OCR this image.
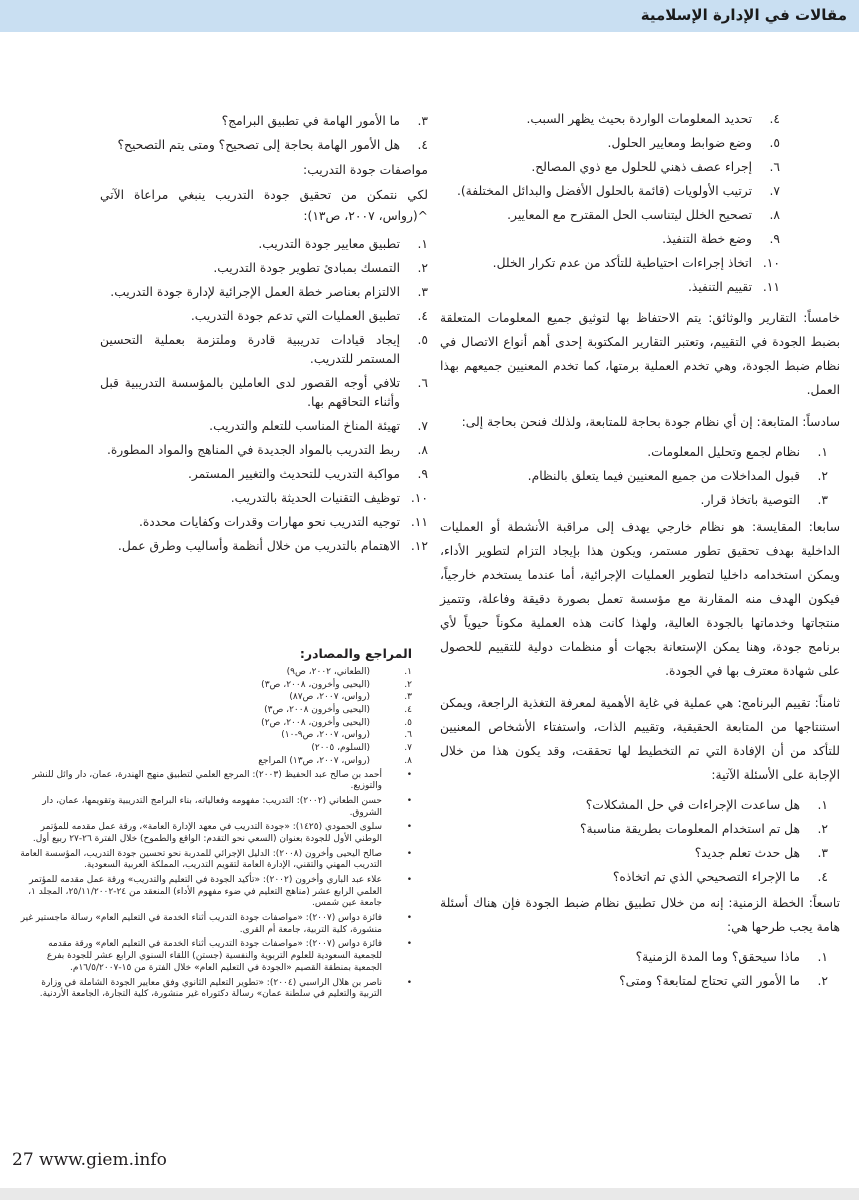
مقالات في الإدارة الإسلامية
٤.
تحديد المعلومات الواردة بحيث يظهر السبب.
٥.
وضع ضوابط ومعايير الحلول.
٦.
إجراء عصف ذهني للحلول مع ذوي المصالح.
٧.
ترتيب الأولويات (قائمة بالحلول الأفضل والبدائل المختلفة).
٨.
تصحيح الخلل ليتناسب الحل المقترح مع المعايير.
٩.
وضع خطة التنفيذ.
١٠.
اتخاذ إجراءات احتياطية للتأكد من عدم تكرار الخلل.
١١.
تقييم التنفيذ.

خامساً: التقارير والوثائق: يتم الاحتفاظ بها لتوثيق جميع المعلومات المتعلقة بضبط الجودة في التقييم، وتعتبر التقارير المكتوبة إحدى أهم أنواع الاتصال في نظام ضبط الجودة، وهي تخدم العملية برمتها، كما تخدم المعنيين جميعهم بهذا العمل.

سادساً: المتابعة: إن أي نظام جودة بحاجة للمتابعة، ولذلك فنحن بحاجة إلى:

١.
نظام لجمع وتحليل المعلومات.
٢.
قبول المداخلات من جميع المعنيين فيما يتعلق بالنظام.
٣.
التوصية باتخاذ قرار.

سابعا: المقايسة: هو نظام خارجي يهدف إلى مراقبة الأنشطة أو العمليات الداخلية بهدف تحقيق تطور مستمر، ويكون هذا بإيجاد التزام لتطوير الأداء، ويمكن استخدامه داخليا لتطوير العمليات الإجرائية، أما عندما يستخدم خارجياً، فيكون الهدف منه المقارنة مع مؤسسة تعمل بصورة دقيقة وفاعلة، وتتميز منتجاتها وخدماتها بالجودة العالية، ولهذا كانت هذه العملية مكوناً حيوياً لأي برنامج جودة، وهنا يمكن الإستعانة بجهات أو منظمات دولية للتقييم للحصول على شهادة معترف بها في الجودة.

ثامناً: تقييم البرنامج: هي عملية في غاية الأهمية لمعرفة التغذية الراجعة، ويمكن استنتاجها من المتابعة الحقيقية، وتقييم الذات، واستفتاء الأشخاص المعنيين للتأكد من أن الإفادة التي تم التخطيط لها تحققت، وقد يكون هذا من خلال الإجابة على الأسئلة الآتية:

١.
هل ساعدت الإجراءات في حل المشكلات؟
٢.
هل تم استخدام المعلومات بطريقة مناسبة؟
٣.
هل حدث تعلم جديد؟
٤.
ما الإجراء التصحيحي الذي تم اتخاذه؟

تاسعاً: الخطة الزمنية: إنه من خلال تطبيق نظام ضبط الجودة فإن هناك أسئلة هامة يجب طرحها هي:

١.
ماذا سيحقق؟ وما المدة الزمنية؟
٢.
ما الأمور التي تحتاج لمتابعة؟ ومتى؟
٣.
ما الأمور الهامة في تطبيق البرامج؟
٤.
هل الأمور الهامة بحاجة إلى تصحيح؟ ومتى يتم التصحيح؟
مواصفات جودة التدريب:

لكي نتمكن من تحقيق جودة التدريب ينبغي مراعاة الآتي ^(رواس، ٢٠٠٧، ص١٣):

١.
تطبيق معايير جودة التدريب.
٢.
التمسك بمبادئ تطوير جودة التدريب.
٣.
الالتزام بعناصر خطة العمل الإجرائية لإدارة جودة التدريب.
٤.
تطبيق العمليات التي تدعم جودة التدريب.
٥.
إيجاد قيادات تدريبية قادرة وملتزمة بعملية التحسين المستمر للتدريب.
٦.
تلافي أوجه القصور لدى العاملين بالمؤسسة التدريبية قبل وأثناء التحاقهم بها.
٧.
تهيئة المناخ المناسب للتعلم والتدريب.
٨.
ربط التدريب بالمواد الجديدة في المناهج والمواد المطورة.
٩.
مواكبة التدريب للتحديث والتغيير المستمر.
١٠.
توظيف التقنيات الحديثة بالتدريب.
١١.
توجيه التدريب نحو مهارات وقدرات وكفايات محددة.
١٢.
الاهتمام بالتدريب من خلال أنظمة وأساليب وطرق عمل.
المراجع والمصادر:
١.
(الطعاني، ٢٠٠٢، ص٩)
٢.
(اليحيى وأخرون، ٢٠٠٨، ص٣)
٣.
(رواس، ٢٠٠٧، ص٨٧)
٤.
(اليحيى وأخرون ٢٠٠٨، ص٣)
٥.
(اليحيى وأخرون، ٢٠٠٨، ص٢)
٦.
(رواس، ٢٠٠٧، ص٩-١٠)
٧.
(السلوم، ٢٠٠٥)
٨.
(رواس، ٢٠٠٧، ص١٣) المراجع
•
أحمد بن صالح عبد الحفيظ (٢٠٠٣): المرجع العلمي لتطبيق منهج الهندرة، عمان، دار وائل للنشر والتوزيع.
•
حسن الطعاني (٢٠٠٢): التدريب: مفهومه وفعالياته، بناء البرامج التدريبية وتقويمها، عمان، دار الشروق.
•
سلوى الحمودي (١٤٢٥): «جودة التدريب في معهد الإدارة العامة»، ورقة عمل مقدمه للمؤتمر الوطني الأول للجودة بعنوان (السعي نحو التقدم: الواقع والطموح) خلال الفترة ٢٦-٢٧ ربيع أول.
•
صالح اليحيى وأخرون (٢٠٠٨): الدليل الإجرائي للمدربة نحو تحسين جودة التدريب، المؤسسة العامة التدريب المهني والتقني، الإدارة العامة لتقويم التدريب، المملكة العربية السعودية.
•
علاء عبد الباري وأخرون (٢٠٠٢): «تأكيد الجودة في التعليم والتدريب» ورقة عمل مقدمه للمؤتمر العلمي الرابع عشر (مناهج التعليم في ضوء مفهوم الأداء) المنعقد من ٢٤-٢٥/١١/٢٠٠٢، المجلد ١، جامعة عين شمس.
•
فائزة دواس (٢٠٠٧): «مواصفات جودة التدريب أثناء الخدمة في التعليم العام» رسالة ماجستير غير منشورة، كلية التربية، جامعة أم القرى.
•
فائزة دواس (٢٠٠٧): «مواصفات جودة التدريب أثناء الخدمة في التعليم العام» ورقة مقدمه للجمعية السعودية للعلوم التربوية والنفسية (جستن) اللقاء السنوي الرابع عشر للجودة بفرع الجمعية بمنطقة القصيم «الجودة في التعليم العام» خلال الفترة من ١٥-١٦/٥/٢٠٠٧م.
•
ناصر بن هلال الراسبي (٢٠٠٤): «تطوير التعليم الثانوي وفق معايير الجودة الشاملة في وزارة التربية والتعليم في سلطنة عمان» رسالة دكتوراه غير منشورة، كلية التجارة، الجامعة الأردنية.
27 www.giem.info
